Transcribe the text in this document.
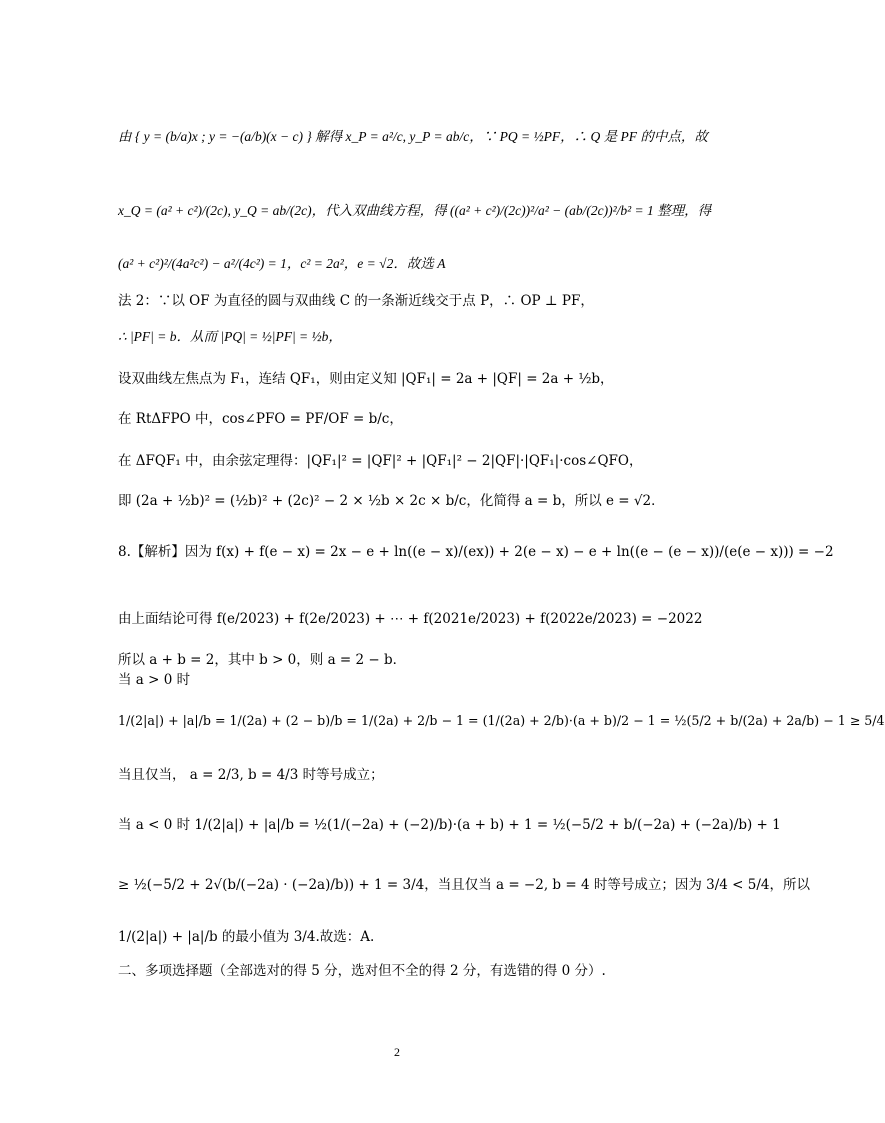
由 { y = (b/a)x ; y = −(a/b)(x − c) } 解得 x_P = a²/c, y_P = ab/c，∵ PQ = ½PF，∴ Q 是 PF 的中点，故
x_Q = (a² + c²)/(2c), y_Q = ab/(2c)，代入双曲线方程，得 ((a² + c²)/(2c))²/a² − (ab/(2c))²/b² = 1 整理，得
(a² + c²)²/(4a²c²) − a²/(4c²) = 1，c² = 2a²，e = √2．故选 A
法 2：∵以 OF 为直径的圆与双曲线 C 的一条渐近线交于点 P，∴ OP ⊥ PF，
∴ |PF| = b．从而 |PQ| = ½|PF| = ½b，
设双曲线左焦点为 F₁，连结 QF₁，则由定义知 |QF₁| = 2a + |QF| = 2a + ½b，
在 RtΔFPO 中，cos∠PFO = PF/OF = b/c，
在 ΔFQF₁ 中，由余弦定理得：|QF₁|² = |QF|² + |QF₁|² − 2|QF|·|QF₁|·cos∠QFO，
即 (2a + ½b)² = (½b)² + (2c)² − 2 × ½b × 2c × b/c，化简得 a = b，所以 e = √2．
8.【解析】因为 f(x) + f(e − x) = 2x − e + ln((e − x)/(ex)) + 2(e − x) − e + ln((e − (e − x))/(e(e − x))) = −2
由上面结论可得 f(e/2023) + f(2e/2023) + ⋯ + f(2021e/2023) + f(2022e/2023) = −2022
所以 a + b = 2，其中 b > 0，则 a = 2 − b．
当 a > 0 时
1/(2|a|) + |a|/b = 1/(2a) + (2 − b)/b = 1/(2a) + 2/b − 1 = (1/(2a) + 2/b)·(a + b)/2 − 1 = ½(5/2 + b/(2a) + 2a/b) − 1 ≥ 5/4
当且仅当， a = 2/3, b = 4/3 时等号成立；
当 a < 0 时 1/(2|a|) + |a|/b = ½(1/(−2a) + (−2)/b)·(a + b) + 1 = ½(−5/2 + b/(−2a) + (−2a)/b) + 1
≥ ½(−5/2 + 2√(b/(−2a) · (−2a)/b)) + 1 = 3/4，当且仅当 a = −2, b = 4 时等号成立；因为 3/4 < 5/4，所以
1/(2|a|) + |a|/b 的最小值为 3/4.故选：A.
二、多项选择题（全部选对的得 5 分，选对但不全的得 2 分，有选错的得 0 分）.
2
